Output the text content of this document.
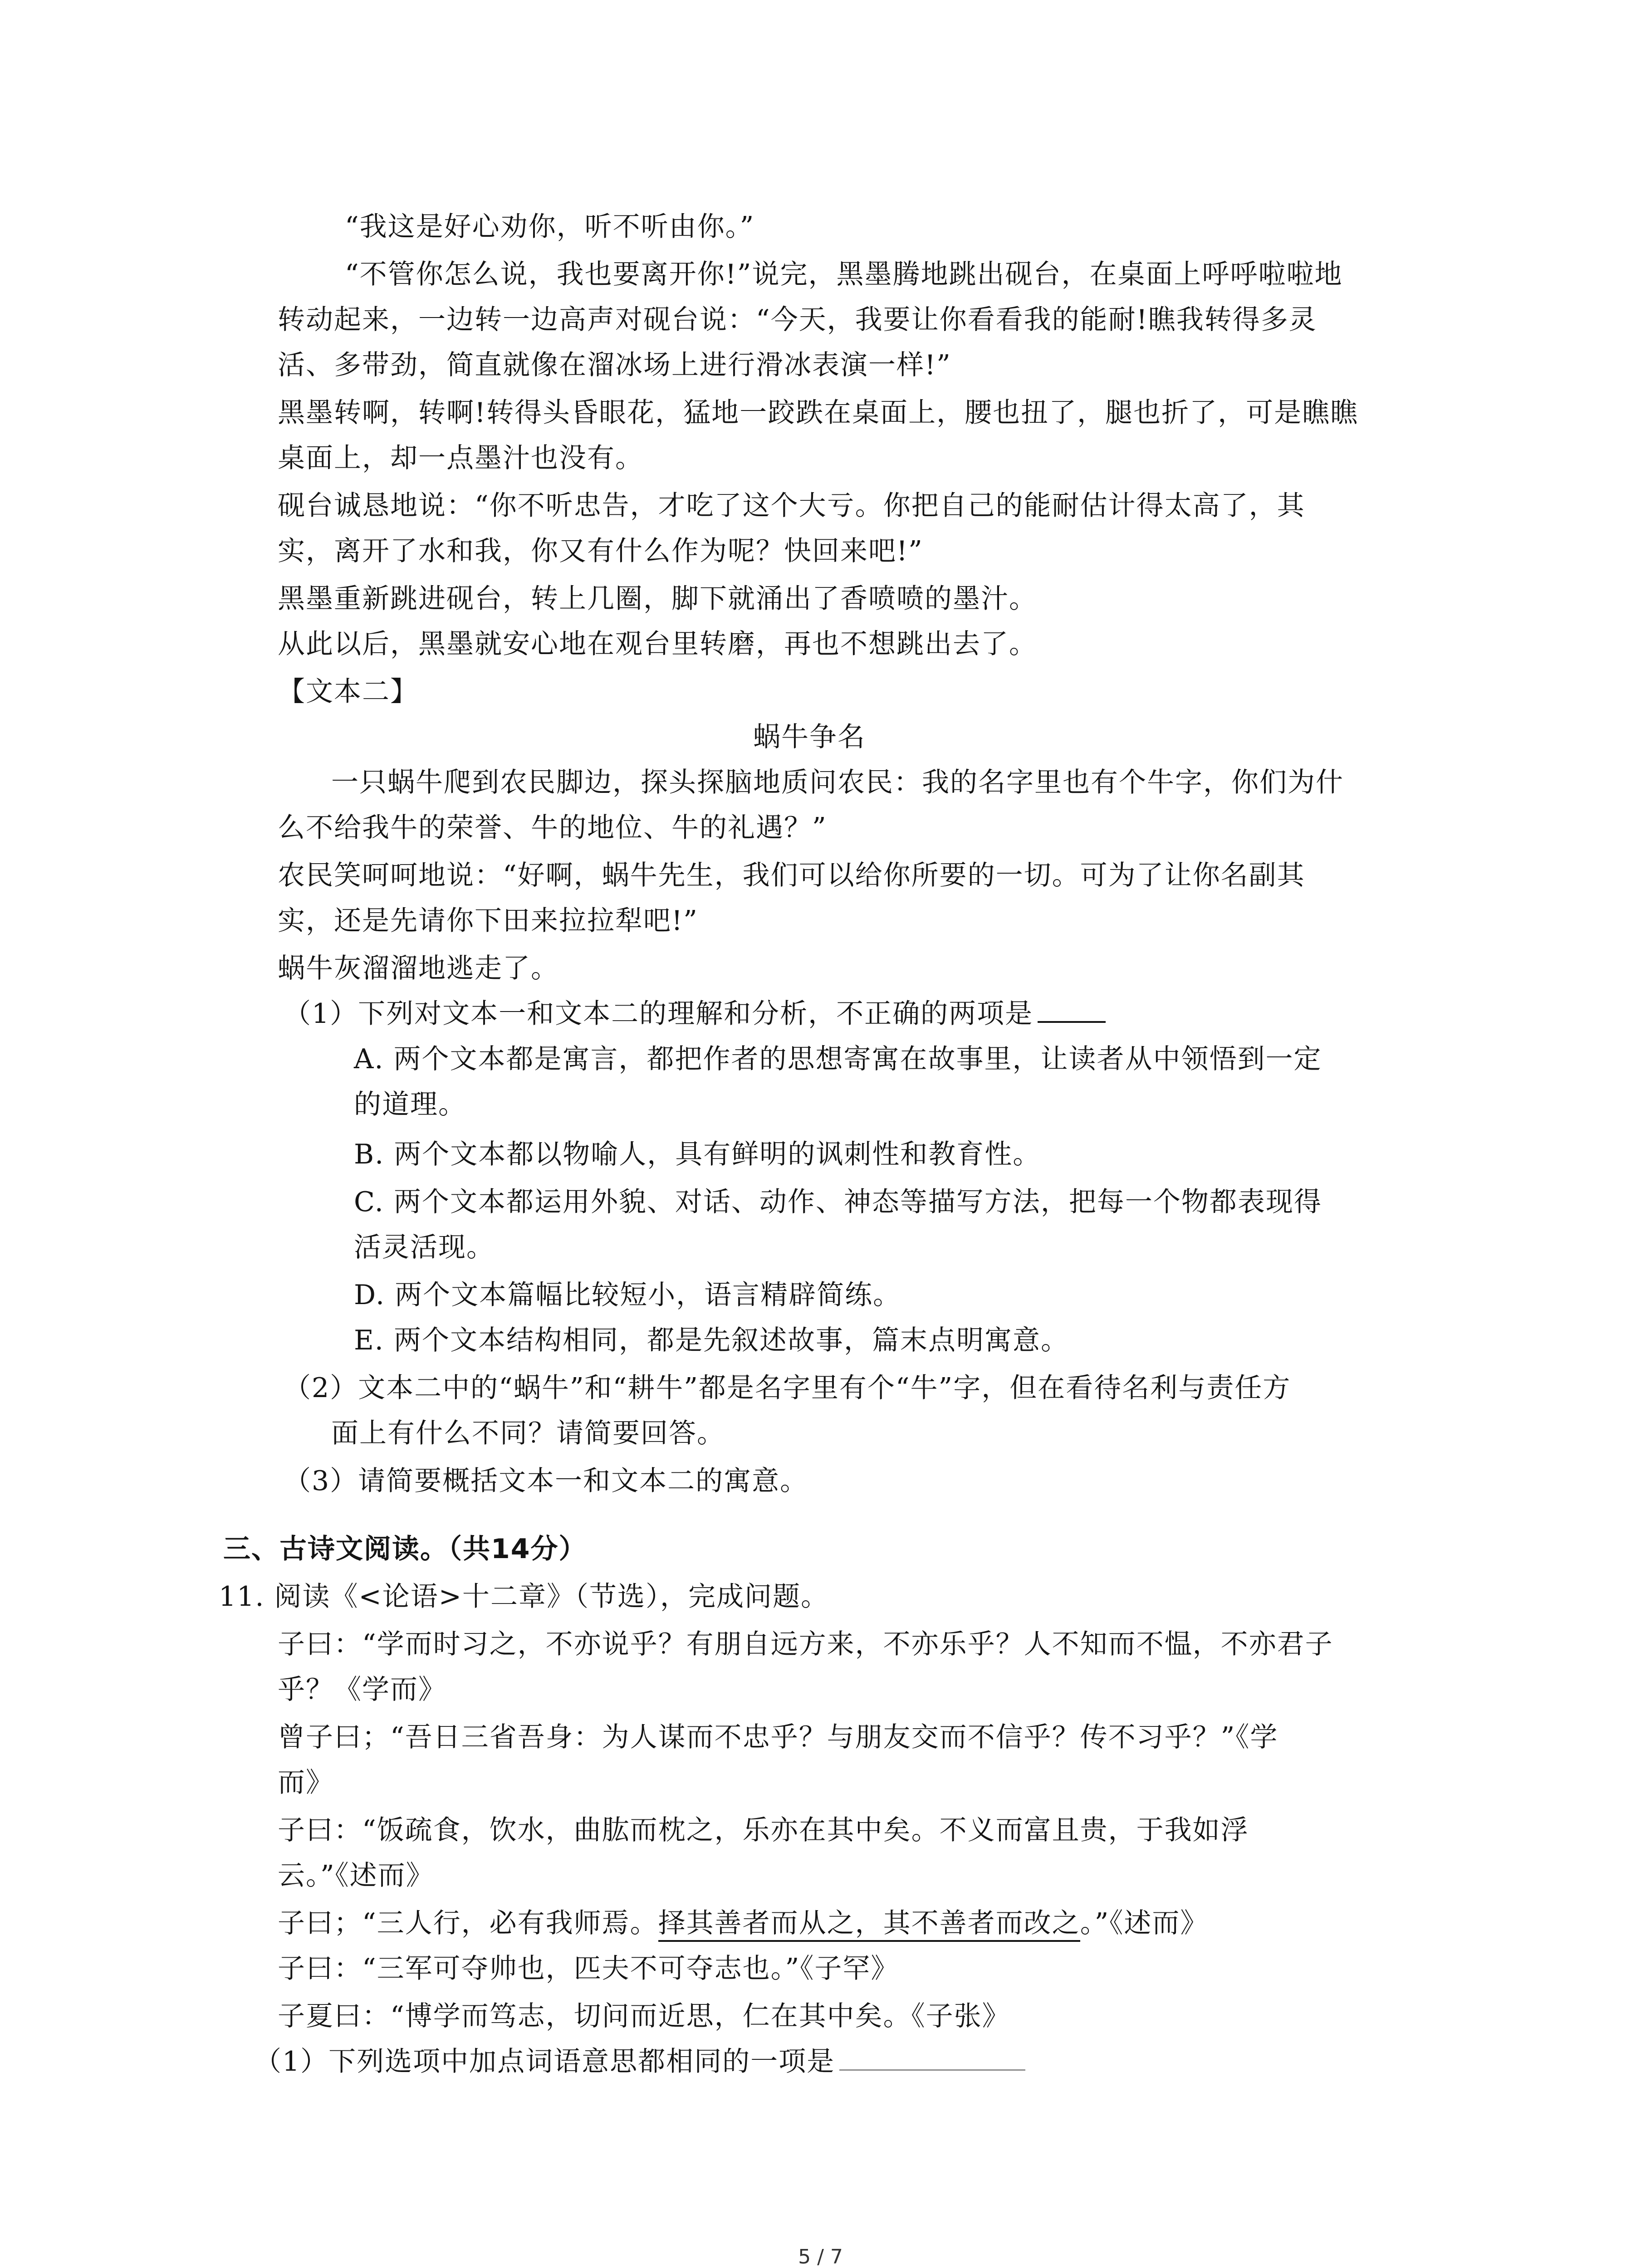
“我这是好心劝你，听不听由你。”
“不管你怎么说，我也要离开你!”说完，黑墨腾地跳出砚台，在桌面上呼呼啦啦地
转动起来，一边转一边高声对砚台说：“今天，我要让你看看我的能耐!瞧我转得多灵
活、多带劲，简直就像在溜冰场上进行滑冰表演一样!”
黑墨转啊，转啊!转得头昏眼花，猛地一跤跌在桌面上，腰也扭了，腿也折了，可是瞧瞧
桌面上，却一点墨汁也没有。
砚台诚恳地说：“你不听忠告，才吃了这个大亏。你把自己的能耐估计得太高了，其
实，离开了水和我，你又有什么作为呢？快回来吧!”
黑墨重新跳进砚台，转上几圈，脚下就涌出了香喷喷的墨汁。
从此以后，黑墨就安心地在观台里转磨，再也不想跳出去了。
【文本二】
蜗牛争名
一只蜗牛爬到农民脚边，探头探脑地质问农民：我的名字里也有个牛字，你们为什
么不给我牛的荣誉、牛的地位、牛的礼遇？”
农民笑呵呵地说：“好啊，蜗牛先生，我们可以给你所要的一切。可为了让你名副其
实，还是先请你下田来拉拉犁吧!”
蜗牛灰溜溜地逃走了。
（1）下列对文本一和文本二的理解和分析，不正确的两项是
A. 两个文本都是寓言，都把作者的思想寄寓在故事里，让读者从中领悟到一定
的道理。
B. 两个文本都以物喻人，具有鲜明的讽刺性和教育性。
C. 两个文本都运用外貌、对话、动作、神态等描写方法，把每一个物都表现得
活灵活现。
D. 两个文本篇幅比较短小，语言精辟简练。
E. 两个文本结构相同，都是先叙述故事，篇末点明寓意。
（2）文本二中的“蜗牛”和“耕牛”都是名字里有个“牛”字，但在看待名利与责任方
面上有什么不同？请简要回答。
（3）请简要概括文本一和文本二的寓意。
三、古诗文阅读。（共14分）
11. 阅读《<论语>十二章》（节选），完成问题。
子曰：“学而时习之，不亦说乎？有朋自远方来，不亦乐乎？人不知而不愠，不亦君子
乎？《学而》
曾子曰；“吾日三省吾身：为人谋而不忠乎？与朋友交而不信乎？传不习乎？”《学
而》
子曰：“饭疏食，饮水，曲肱而枕之，乐亦在其中矣。不义而富且贵，于我如浮
云。”《述而》
子曰；“三人行，必有我师焉。择其善者而从之，其不善者而改之。”《述而》
子曰：“三军可夺帅也，匹夫不可夺志也。”《子罕》
子夏曰：“博学而笃志，切问而近思，仁在其中矣。《子张》
（1）下列选项中加点词语意思都相同的一项是
5 / 7
